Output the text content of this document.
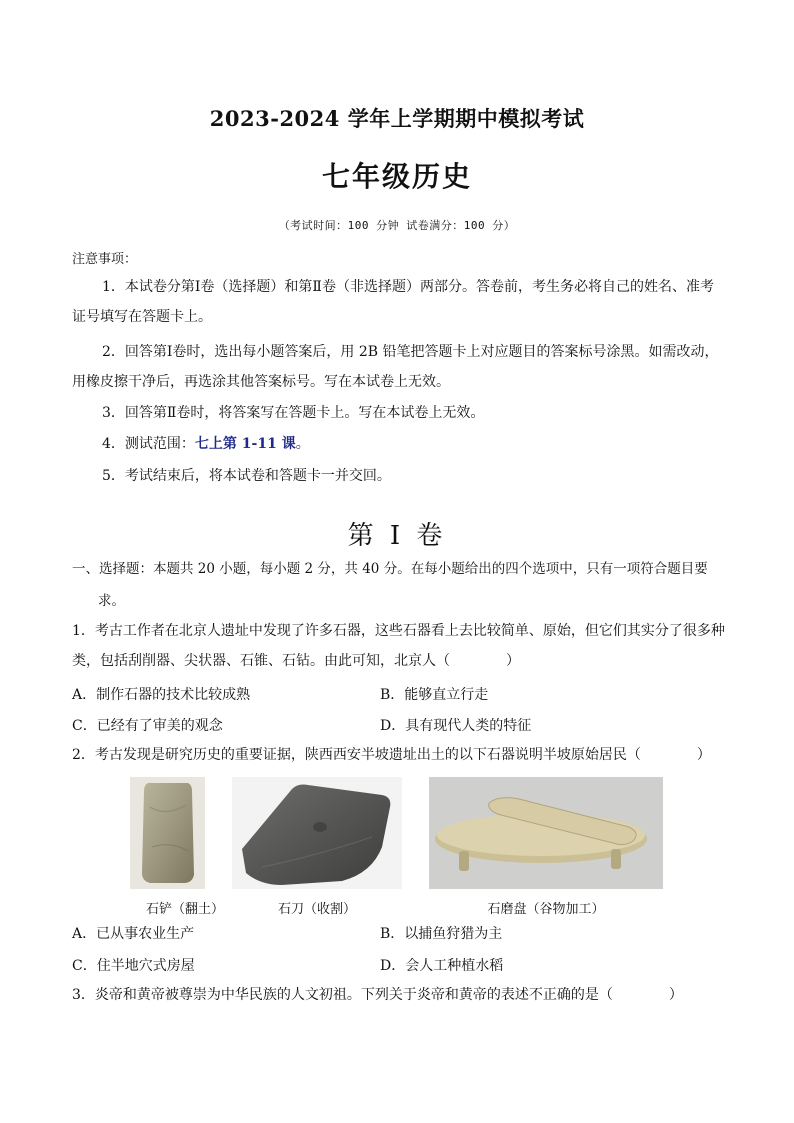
2023-2024 学年上学期期中模拟考试
七年级历史
（考试时间：100 分钟 试卷满分：100 分）
注意事项：
1．本试卷分第Ⅰ卷（选择题）和第Ⅱ卷（非选择题）两部分。答卷前，考生务必将自己的姓名、准考证号填写在答题卡上。
2．回答第Ⅰ卷时，选出每小题答案后，用 2B 铅笔把答题卡上对应题目的答案标号涂黑。如需改动，用橡皮擦干净后，再选涂其他答案标号。写在本试卷上无效。
3．回答第Ⅱ卷时，将答案写在答题卡上。写在本试卷上无效。
4．测试范围：七上第 1-11 课。
5．考试结束后，将本试卷和答题卡一并交回。
第 I 卷
一、选择题：本题共 20 小题，每小题 2 分，共 40 分。在每小题给出的四个选项中，只有一项符合题目要
求。
1．考古工作者在北京人遗址中发现了许多石器，这些石器看上去比较简单、原始，但它们其实分了很多种
类，包括刮削器、尖状器、石锥、石钻。由此可知，北京人（	）
A．制作石器的技术比较成熟	B．能够直立行走
C．已经有了审美的观念	D．具有现代人类的特征
2．考古发现是研究历史的重要证据，陕西西安半坡遗址出土的以下石器说明半坡原始居民（	）
石铲（翻土）	石刀（收割）	石磨盘（谷物加工）
A．已从事农业生产	B．以捕鱼狩猎为主
C．住半地穴式房屋	D．会人工种植水稻
3．炎帝和黄帝被尊崇为中华民族的人文初祖。下列关于炎帝和黄帝的表述不正确的是（	）
